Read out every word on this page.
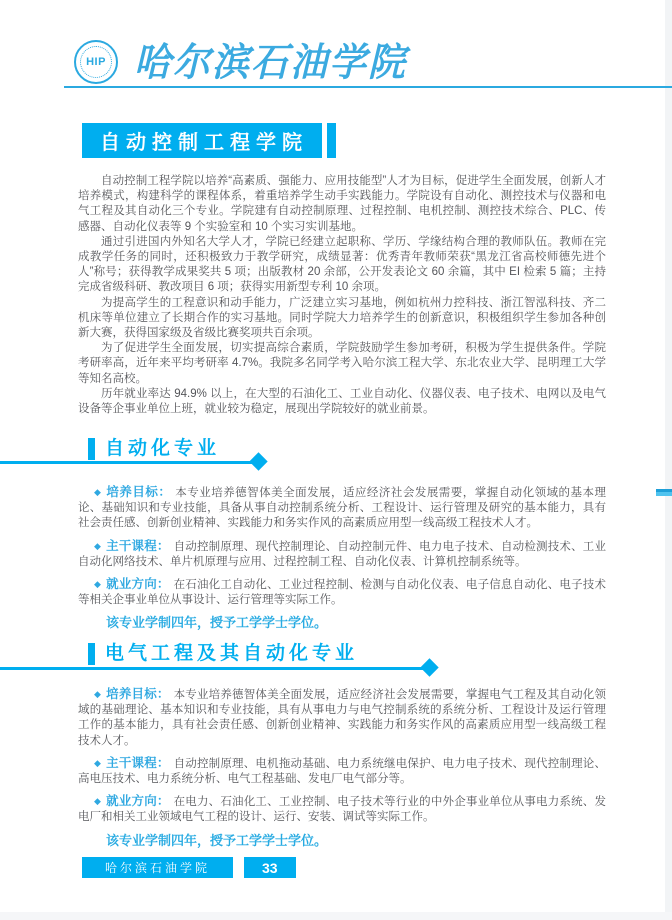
HIP 哈尔滨石油学院
自动控制工程学院

自动控制工程学院以培养“高素质、强能力、应用技能型”人才为目标，促进学生全面发展，创新人才培养模式，构建科学的课程体系，着重培养学生动手实践能力。学院设有自动化、测控技术与仪器和电气工程及其自动化三个专业。学院建有自动控制原理、过程控制、电机控制、测控技术综合、PLC、传感器、自动化仪表等 9 个实验室和 10 个实习实训基地。

通过引进国内外知名大学人才，学院已经建立起职称、学历、学缘结构合理的教师队伍。教师在完成教学任务的同时，还积极致力于教学研究，成绩显著：优秀青年教师荣获“黑龙江省高校师德先进个人”称号；获得教学成果奖共 5 项；出版教材 20 余部，公开发表论文 60 余篇，其中 EI 检索 5 篇；主持完成省级科研、教改项目 6 项；获得实用新型专利 10 余项。

为提高学生的工程意识和动手能力，广泛建立实习基地，例如杭州力控科技、浙江智泓科技、齐二机床等单位建立了长期合作的实习基地。同时学院大力培养学生的创新意识，积极组织学生参加各种创新大赛，获得国家级及省级比赛奖项共百余项。

为了促进学生全面发展，切实提高综合素质，学院鼓励学生参加考研，积极为学生提供条件。学院考研率高，近年来平均考研率 4.7%。我院多名同学考入哈尔滨工程大学、东北农业大学、昆明理工大学等知名高校。

历年就业率达 94.9% 以上，在大型的石油化工、工业自动化、仪器仪表、电子技术、电网以及电气设备等企事业单位上班，就业较为稳定，展现出学院较好的就业前景。

自动化专业

◆ 培养目标： 本专业培养德智体美全面发展，适应经济社会发展需要，掌握自动化领域的基本理论、基础知识和专业技能，具备从事自动控制系统分析、工程设计、运行管理及研究的基本能力，具有社会责任感、创新创业精神、实践能力和务实作风的高素质应用型一线高级工程技术人才。

◆ 主干课程： 自动控制原理、现代控制理论、自动控制元件、电力电子技术、自动检测技术、工业自动化网络技术、单片机原理与应用、过程控制工程、自动化仪表、计算机控制系统等。

◆ 就业方向： 在石油化工自动化、工业过程控制、检测与自动化仪表、电子信息自动化、电子技术等相关企事业单位从事设计、运行管理等实际工作。

该专业学制四年，授予工学学士学位。

电气工程及其自动化专业

◆ 培养目标： 本专业培养德智体美全面发展，适应经济社会发展需要，掌握电气工程及其自动化领域的基础理论、基本知识和专业技能，具有从事电力与电气控制系统的系统分析、工程设计及运行管理工作的基本能力，具有社会责任感、创新创业精神、实践能力和务实作风的高素质应用型一线高级工程技术人才。

◆ 主干课程： 自动控制原理、电机拖动基础、电力系统继电保护、电力电子技术、现代控制理论、高电压技术、电力系统分析、电气工程基础、发电厂电气部分等。

◆ 就业方向： 在电力、石油化工、工业控制、电子技术等行业的中外企事业单位从事电力系统、发电厂和相关工业领域电气工程的设计、运行、安装、调试等实际工作。

该专业学制四年，授予工学学士学位。

哈尔滨石油学院	33
